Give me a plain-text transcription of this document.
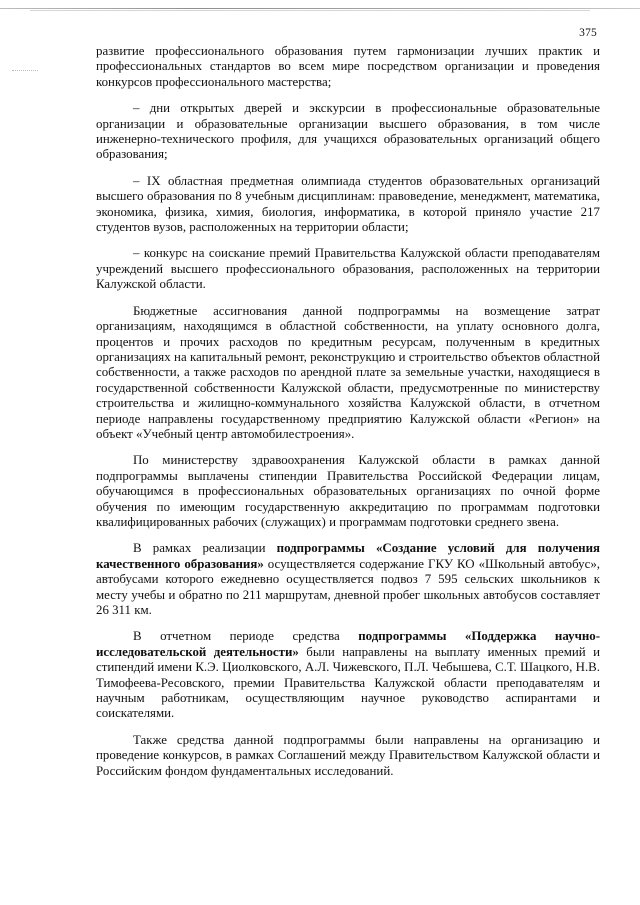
375

развитие профессионального образования путем гармонизации лучших практик и профессиональных стандартов во всем мире посредством организации и проведения конкурсов профессионального мастерства;

– дни открытых дверей и экскурсии в профессиональные образовательные организации и образовательные организации высшего образования, в том числе инженерно-технического профиля, для учащихся образовательных организаций общего образования;

– IX областная предметная олимпиада студентов образовательных организаций высшего образования по 8 учебным дисциплинам: правоведение, менеджмент, математика, экономика, физика, химия, биология, информатика, в которой приняло участие 217 студентов вузов, расположенных на территории области;

– конкурс на соискание премий Правительства Калужской области преподавателям учреждений высшего профессионального образования, расположенных на территории Калужской области.

Бюджетные ассигнования данной подпрограммы на возмещение затрат организациям, находящимся в областной собственности, на уплату основного долга, процентов и прочих расходов по кредитным ресурсам, полученным в кредитных организациях на капитальный ремонт, реконструкцию и строительство объектов областной собственности, а также расходов по арендной плате за земельные участки, находящиеся в государственной собственности Калужской области, предусмотренные по министерству строительства и жилищно-коммунального хозяйства Калужской области, в отчетном периоде направлены государственному предприятию Калужской области «Регион» на объект «Учебный центр автомобилестроения».

По министерству здравоохранения Калужской области в рамках данной подпрограммы выплачены стипендии Правительства Российской Федерации лицам, обучающимся в профессиональных образовательных организациях по очной форме обучения по имеющим государственную аккредитацию по программам подготовки квалифицированных рабочих (служащих) и программам подготовки среднего звена.

В рамках реализации подпрограммы «Создание условий для получения качественного образования» осуществляется содержание ГКУ КО «Школьный автобус», автобусами которого ежедневно осуществляется подвоз 7 595 сельских школьников к месту учебы и обратно по 211 маршрутам, дневной пробег школьных автобусов составляет 26 311 км.

В отчетном периоде средства подпрограммы «Поддержка научно-исследовательской деятельности» были направлены на выплату именных премий и стипендий имени К.Э. Циолковского, А.Л. Чижевского, П.Л. Чебышева, С.Т. Шацкого, Н.В. Тимофеева-Ресовского, премии Правительства Калужской области преподавателям и научным работникам, осуществляющим научное руководство аспирантами и соискателями.

Также средства данной подпрограммы были направлены на организацию и проведение конкурсов, в рамках Соглашений между Правительством Калужской области и Российским фондом фундаментальных исследований.
